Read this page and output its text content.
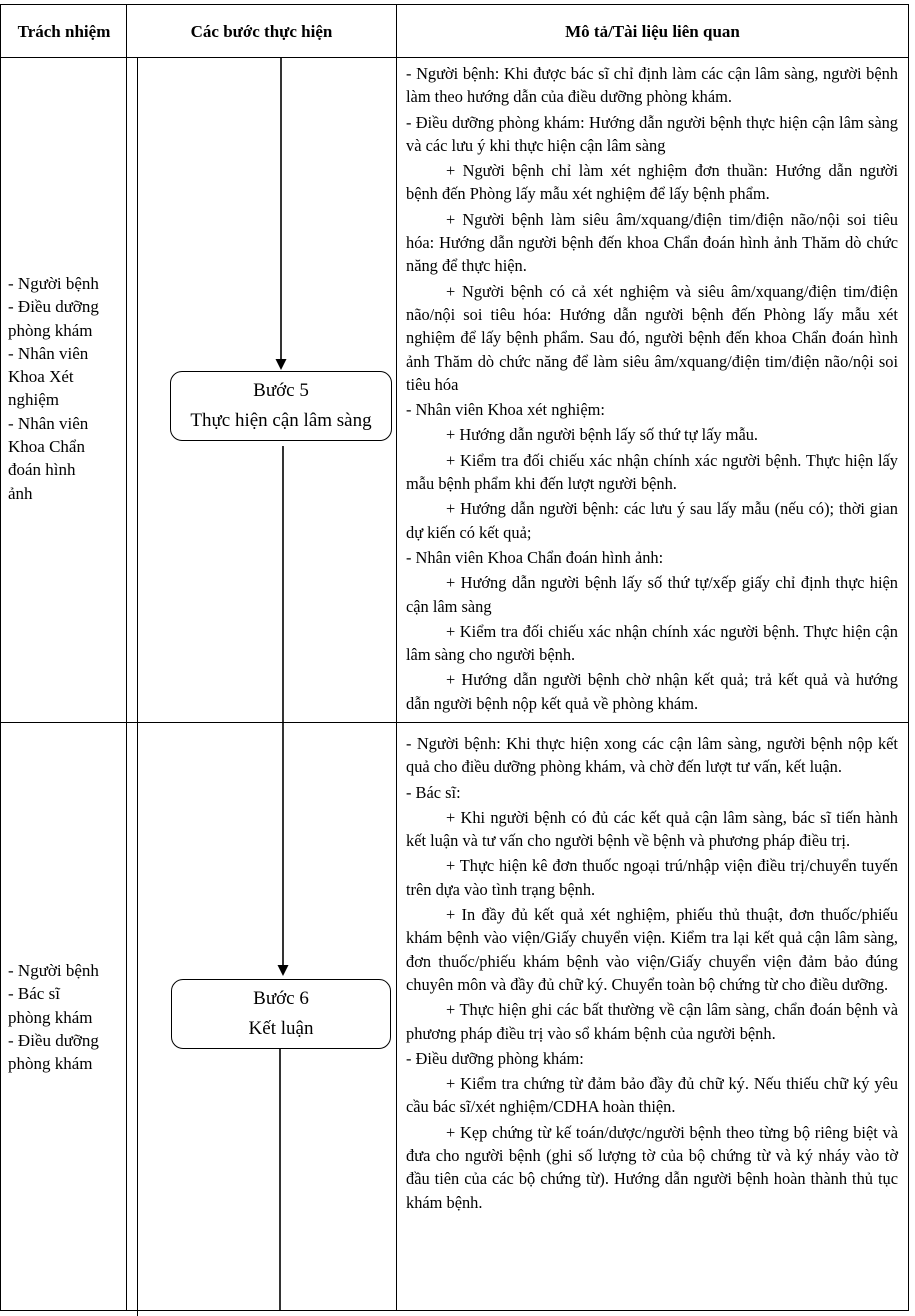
Trách nhiệm	Các bước thực hiện	Mô tả/Tài liệu liên quan
- Người bệnh
- Điều dưỡng
phòng khám
- Nhân viên
Khoa Xét
nghiệm
- Nhân viên
Khoa Chẩn
đoán hình
ảnh
Bước 5
Thực hiện cận lâm sàng

- Người bệnh: Khi được bác sĩ chỉ định làm các cận lâm sàng, người bệnh làm theo hướng dẫn của điều dưỡng phòng khám.

- Điều dưỡng phòng khám: Hướng dẫn người bệnh thực hiện cận lâm sàng và các lưu ý khi thực hiện cận lâm sàng

+ Người bệnh chỉ làm xét nghiệm đơn thuần: Hướng dẫn người bệnh đến Phòng lấy mẫu xét nghiệm để lấy bệnh phẩm.

+ Người bệnh làm siêu âm/xquang/điện tim/điện não/nội soi tiêu hóa: Hướng dẫn người bệnh đến khoa Chẩn đoán hình ảnh Thăm dò chức năng để thực hiện.

+ Người bệnh có cả xét nghiệm và siêu âm/xquang/điện tim/điện não/nội soi tiêu hóa: Hướng dẫn người bệnh đến Phòng lấy mẫu xét nghiệm để lấy bệnh phẩm. Sau đó, người bệnh đến khoa Chẩn đoán hình ảnh Thăm dò chức năng để làm siêu âm/xquang/điện tim/điện não/nội soi tiêu hóa

- Nhân viên Khoa xét nghiệm:

+ Hướng dẫn người bệnh lấy số thứ tự lấy mẫu.

+ Kiểm tra đối chiếu xác nhận chính xác người bệnh. Thực hiện lấy mẫu bệnh phẩm khi đến lượt người bệnh.

+ Hướng dẫn người bệnh: các lưu ý sau lấy mẫu (nếu có); thời gian dự kiến có kết quả;

- Nhân viên Khoa Chẩn đoán hình ảnh:

+ Hướng dẫn người bệnh lấy số thứ tự/xếp giấy chỉ định thực hiện cận lâm sàng

+ Kiểm tra đối chiếu xác nhận chính xác người bệnh. Thực hiện cận lâm sàng cho người bệnh.

+ Hướng dẫn người bệnh chờ nhận kết quả; trả kết quả và hướng dẫn người bệnh nộp kết quả về phòng khám.

- Người bệnh
- Bác sĩ
phòng khám
- Điều dưỡng
phòng khám
Bước 6
Kết luận

- Người bệnh: Khi thực hiện xong các cận lâm sàng, người bệnh nộp kết quả cho điều dưỡng phòng khám, và chờ đến lượt tư vấn, kết luận.

- Bác sĩ:

+ Khi người bệnh có đủ các kết quả cận lâm sàng, bác sĩ tiến hành kết luận và tư vấn cho người bệnh về bệnh và phương pháp điều trị.

+ Thực hiện kê đơn thuốc ngoại trú/nhập viện điều trị/chuyển tuyến trên dựa vào tình trạng bệnh.

+ In đầy đủ kết quả xét nghiệm, phiếu thủ thuật, đơn thuốc/phiếu khám bệnh vào viện/Giấy chuyển viện. Kiểm tra lại kết quả cận lâm sàng, đơn thuốc/phiếu khám bệnh vào viện/Giấy chuyển viện đảm bảo đúng chuyên môn và đầy đủ chữ ký. Chuyển toàn bộ chứng từ cho điều dưỡng.

+ Thực hiện ghi các bất thường về cận lâm sàng, chẩn đoán bệnh và phương pháp điều trị vào sổ khám bệnh của người bệnh.

- Điều dưỡng phòng khám:

+ Kiểm tra chứng từ đảm bảo đầy đủ chữ ký. Nếu thiếu chữ ký yêu cầu bác sĩ/xét nghiệm/CDHA hoàn thiện.

+ Kẹp chứng từ kế toán/dược/người bệnh theo từng bộ riêng biệt và đưa cho người bệnh (ghi số lượng tờ của bộ chứng từ và ký nháy vào tờ đầu tiên của các bộ chứng từ). Hướng dẫn người bệnh hoàn thành thủ tục khám bệnh.
